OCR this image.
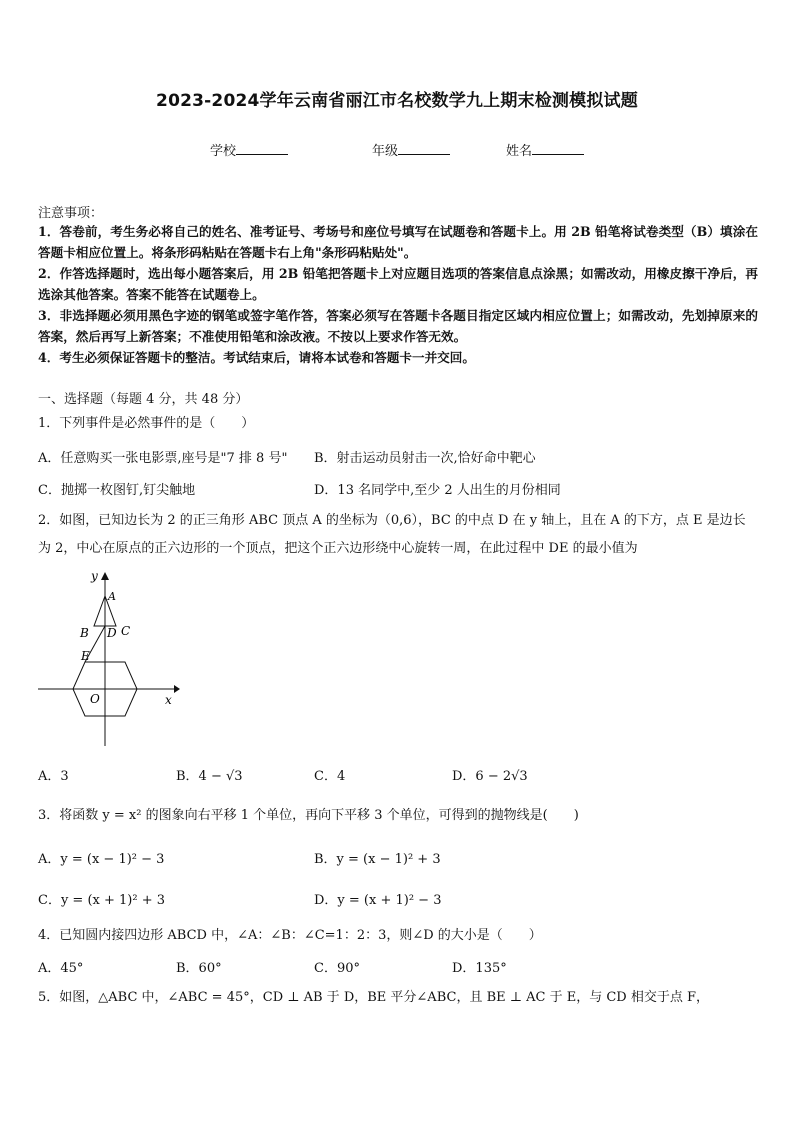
2023-2024学年云南省丽江市名校数学九上期末检测模拟试题
学校	年级	姓名
注意事项：
1．答卷前，考生务必将自己的姓名、准考证号、考场号和座位号填写在试题卷和答题卡上。用 2B 铅笔将试卷类型（B）填涂在答题卡相应位置上。将条形码粘贴在答题卡右上角"条形码粘贴处"。
2．作答选择题时，选出每小题答案后，用 2B 铅笔把答题卡上对应题目选项的答案信息点涂黑；如需改动，用橡皮擦干净后，再选涂其他答案。答案不能答在试题卷上。
3．非选择题必须用黑色字迹的钢笔或签字笔作答，答案必须写在答题卡各题目指定区域内相应位置上；如需改动，先划掉原来的答案，然后再写上新答案；不准使用铅笔和涂改液。不按以上要求作答无效。
4．考生必须保证答题卡的整洁。考试结束后，请将本试卷和答题卡一并交回。
一、选择题（每题 4 分，共 48 分）
1．下列事件是必然事件的是（　　）
A．任意购买一张电影票,座号是"7 排 8 号" B．射击运动员射击一次,恰好命中靶心
C．抛掷一枚图钉,钉尖触地	D．13 名同学中,至少 2 人出生的月份相同
2．如图，已知边长为 2 的正三角形 ABC 顶点 A 的坐标为（0,6），BC 的中点 D 在 y 轴上，且在 A 的下方，点 E 是边长为 2，中心在原点的正六边形的一个顶点，把这个正六边形绕中心旋转一周，在此过程中 DE 的最小值为
y
x
A
B D C
E
O
A．3	B．4 − √3	C．4	D．6 − 2√3
3．将函数 y = x² 的图象向右平移 1 个单位，再向下平移 3 个单位，可得到的抛物线是(　　)
A．y = (x − 1)² − 3	B．y = (x − 1)² + 3
C．y = (x + 1)² + 3	D．y = (x + 1)² − 3
4．已知圆内接四边形 ABCD 中，∠A：∠B：∠C=1：2：3，则∠D 的大小是（　　）
A．45°	B．60°	C．90°	D．135°
5．如图，△ABC 中，∠ABC = 45°，CD ⊥ AB 于 D，BE 平分∠ABC，且 BE ⊥ AC 于 E，与 CD 相交于点 F，
